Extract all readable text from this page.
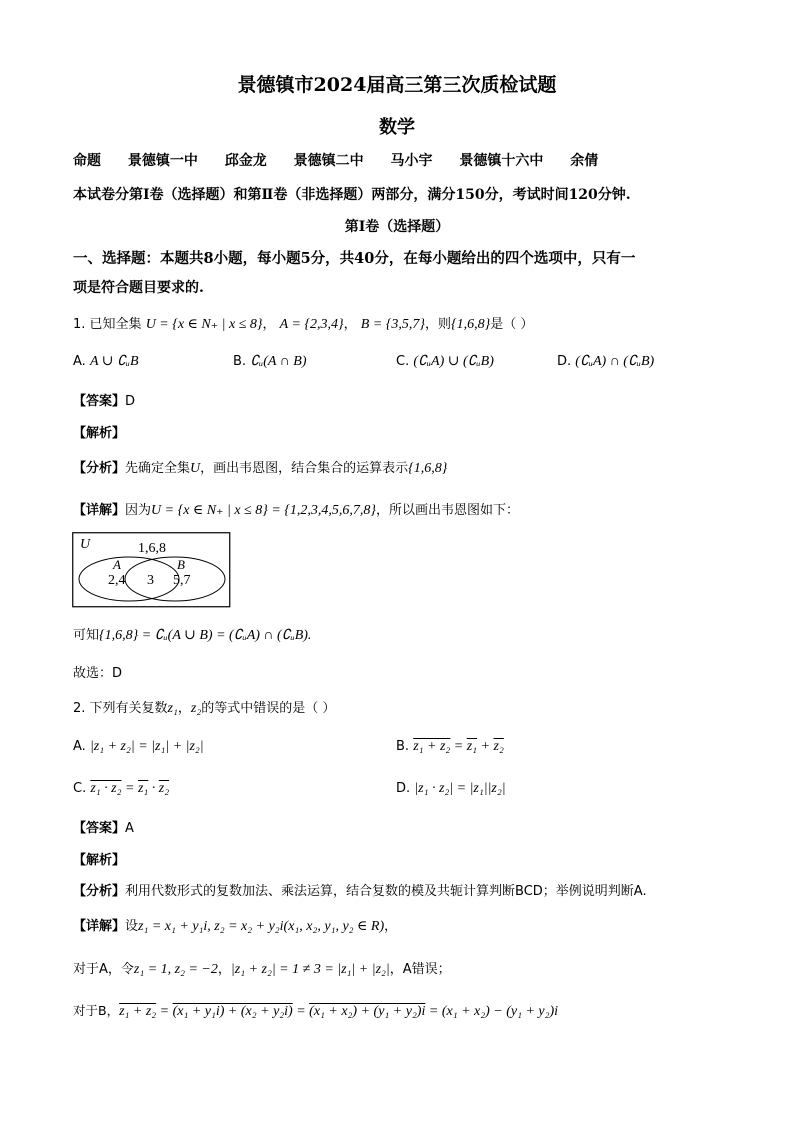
景德镇市2024届高三第三次质检试题
数学
命题 景德镇一中 邱金龙 景德镇二中 马小宇 景德镇十六中 余倩
本试卷分第Ⅰ卷（选择题）和第Ⅱ卷（非选择题）两部分，满分150分，考试时间120分钟.
第Ⅰ卷（选择题）
一、选择题：本题共8小题，每小题5分，共40分，在每小题给出的四个选项中，只有一
项是符合题目要求的.
1. 已知全集 U = {x ∈ N₊ | x ≤ 8}， A = {2,3,4}， B = {3,5,7}，则{1,6,8}是（ ）
A. A ∪ ∁ᵤB	B. ∁ᵤ(A ∩ B)	C. (∁ᵤA) ∪ (∁ᵤB)	D. (∁ᵤA) ∩ (∁ᵤB)
【答案】D
【解析】
【分析】先确定全集U，画出韦恩图，结合集合的运算表示{1,6,8}
【详解】因为U = {x ∈ N₊ | x ≤ 8} = {1,2,3,4,5,6,7,8}，所以画出韦恩图如下：
U	1,6,8
A
2,4 3
B
5,7
可知{1,6,8} = ∁ᵤ(A ∪ B) = (∁ᵤA) ∩ (∁ᵤB).
故选：D
2. 下列有关复数z₁，z₂的等式中错误的是（ ）
A. |z₁ + z₂| = |z₁| + |z₂|	B. z₁ + z₂ = z₁ + z₂
C. z₁ · z₂ = z₁ · z₂	D. |z₁ · z₂| = |z₁||z₂|
【答案】A
【解析】
【分析】利用代数形式的复数加法、乘法运算，结合复数的模及共轭计算判断BCD；举例说明判断A.
【详解】设z₁ = x₁ + y₁i, z₂ = x₂ + y₂i(x₁, x₂, y₁, y₂ ∈ R)，
对于A，令z₁ = 1, z₂ = −2，|z₁ + z₂| = 1 ≠ 3 = |z₁| + |z₂|，A错误；
对于B，z₁ + z₂ = (x₁ + y₁i) + (x₂ + y₂i) = (x₁ + x₂) + (y₁ + y₂)i = (x₁ + x₂) − (y₁ + y₂)i
